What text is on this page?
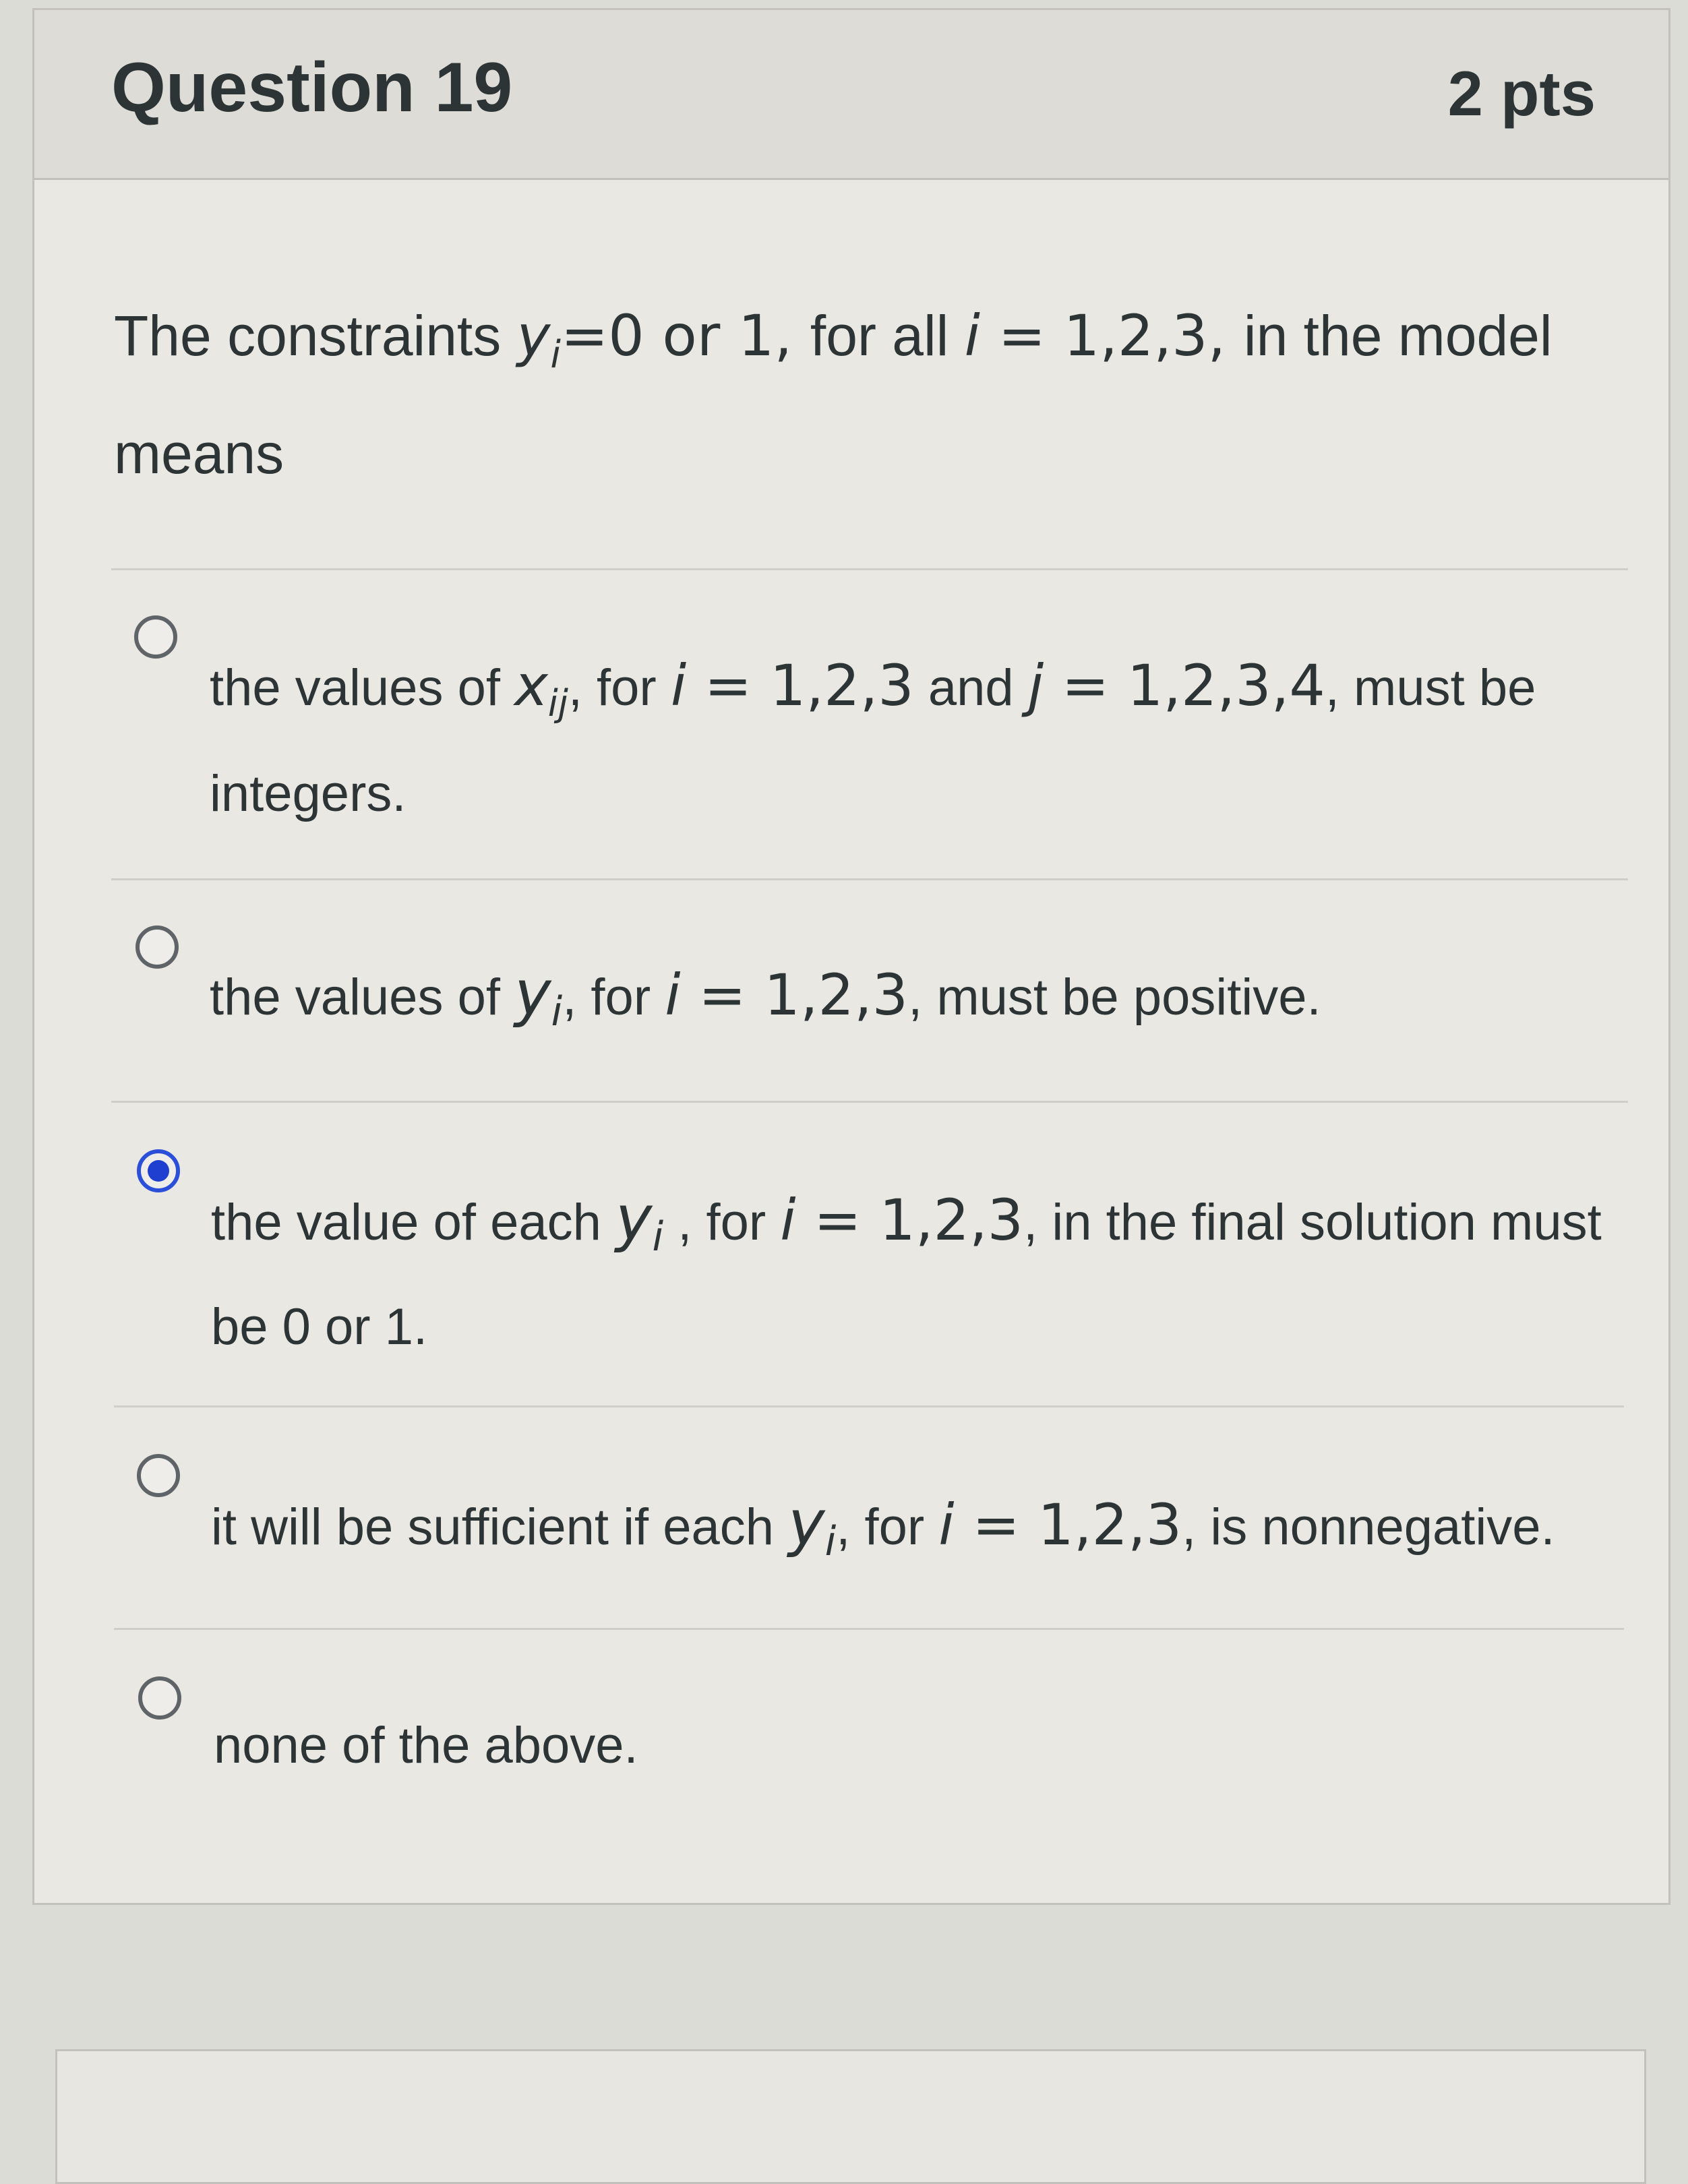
Question 19	2 pts
The constraints $y_i=0$ or 1, for all i = 1,2,3, in the model means
the values of $x_{ij}$, for i = 1,2,3 and j = 1,2,3,4, must be integers.
the values of $y_i$, for i = 1,2,3, must be positive.
the value of each $y_i$ , for i = 1,2,3, in the final solution must be 0 or 1.
it will be sufficient if each $y_i$, for i = 1,2,3, is nonnegative.
none of the above.
